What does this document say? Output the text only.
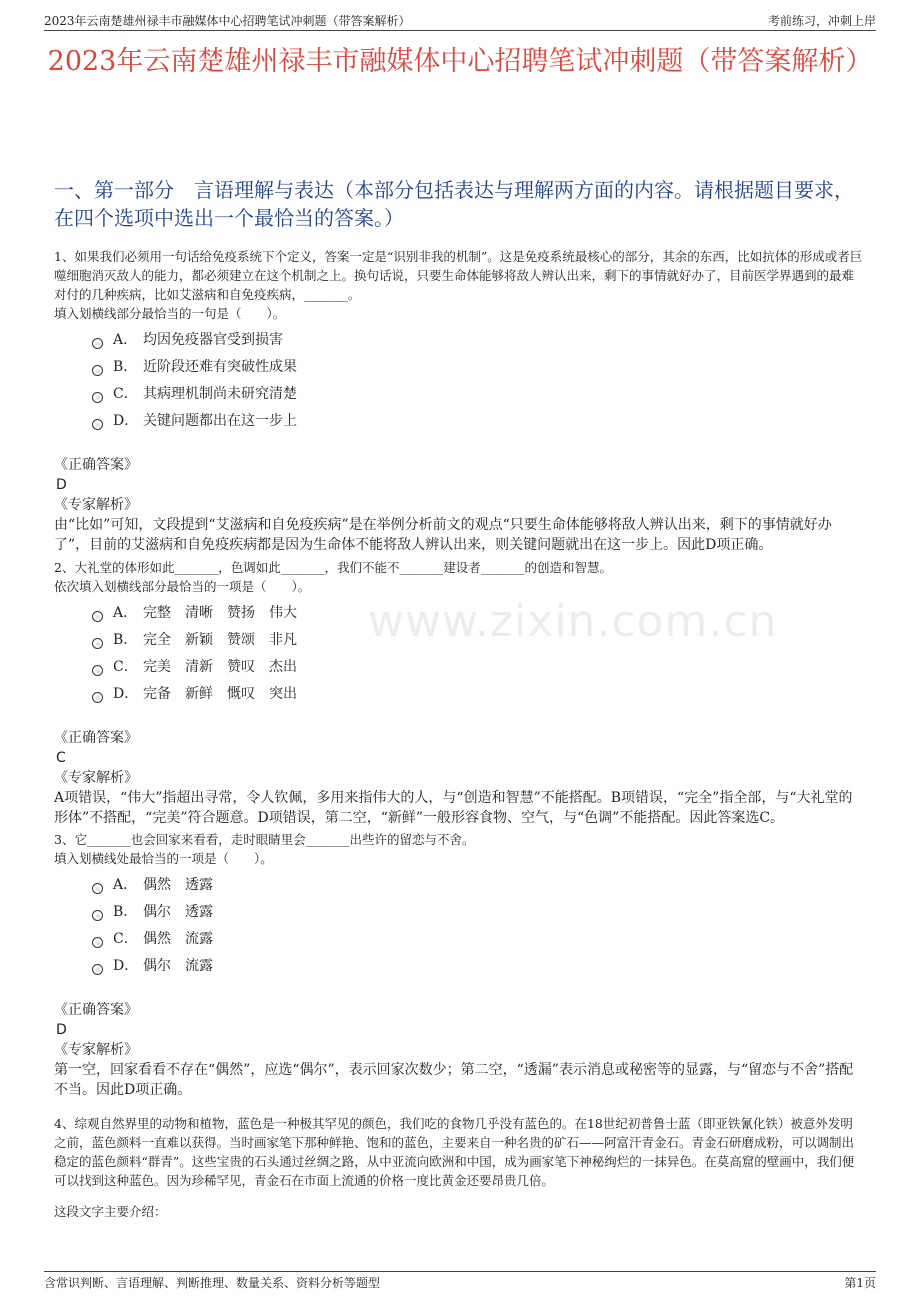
2023年云南楚雄州禄丰市融媒体中心招聘笔试冲刺题（带答案解析）	考前练习，冲刺上岸
2023年云南楚雄州禄丰市融媒体中心招聘笔试冲刺题（带答案解析）
一、第一部分　言语理解与表达（本部分包括表达与理解两方面的内容。请根据题目要求，在四个选项中选出一个最恰当的答案。）
1、如果我们必须用一句话给免疫系统下个定义，答案一定是“识别非我的机制”。这是免疫系统最核心的部分，其余的东西，比如抗体的形成或者巨噬细胞消灭敌人的能力，都必须建立在这个机制之上。换句话说，只要生命体能够将敌人辨认出来，剩下的事情就好办了，目前医学界遇到的最难对付的几种疾病，比如艾滋病和自免疫疾病，_______。
填入划横线部分最恰当的一句是（　　）。
A． 均因免疫器官受到损害
B． 近阶段还难有突破性成果
C． 其病理机制尚未研究清楚
D． 关键问题都出在这一步上
《正确答案》
D
《专家解析》
由“比如”可知，文段提到“艾滋病和自免疫疾病”是在举例分析前文的观点“只要生命体能够将敌人辨认出来，剩下的事情就好办了”，目前的艾滋病和自免疫疾病都是因为生命体不能将敌人辨认出来，则关键问题就出在这一步上。因此D项正确。
2、大礼堂的体形如此_______，色调如此_______，我们不能不_______建设者_______的创造和智慧。
依次填入划横线部分最恰当的一项是（　　）。
A． 完整　清晰　赞扬　伟大
B． 完全　新颖　赞颂　非凡
C． 完美　清新　赞叹　杰出
D． 完备　新鲜　慨叹　突出
《正确答案》
C
《专家解析》
A项错误，“伟大”指超出寻常，令人钦佩，多用来指伟大的人，与“创造和智慧”不能搭配。B项错误，“完全”指全部，与“大礼堂的形体”不搭配，“完美”符合题意。D项错误，第二空，“新鲜”一般形容食物、空气，与“色调”不能搭配。因此答案选C。
3、它_______也会回家来看看，走时眼睛里会_______出些许的留恋与不舍。
填入划横线处最恰当的一项是（　　）。
A． 偶然　透露
B． 偶尔　透露
C． 偶然　流露
D． 偶尔　流露
《正确答案》
D
《专家解析》
第一空，回家看看不存在“偶然”，应选“偶尔”，表示回家次数少；第二空，“透漏”表示消息或秘密等的显露，与“留恋与不舍”搭配不当。因此D项正确。
4、综观自然界里的动物和植物，蓝色是一种极其罕见的颜色，我们吃的食物几乎没有蓝色的。在18世纪初普鲁士蓝（即亚铁氰化铁）被意外发明之前，蓝色颜料一直难以获得。当时画家笔下那种鲜艳、饱和的蓝色，主要来自一种名贵的矿石——阿富汗青金石。青金石研磨成粉，可以调制出稳定的蓝色颜料“群青”。这些宝贵的石头通过丝绸之路，从中亚流向欧洲和中国，成为画家笔下神秘绚烂的一抹异色。在莫高窟的壁画中，我们便可以找到这种蓝色。因为珍稀罕见，青金石在市面上流通的价格一度比黄金还要昂贵几倍。
这段文字主要介绍：
www.zixin.com.cn
含常识判断、言语理解、判断推理、数量关系、资料分析等题型	第1页
